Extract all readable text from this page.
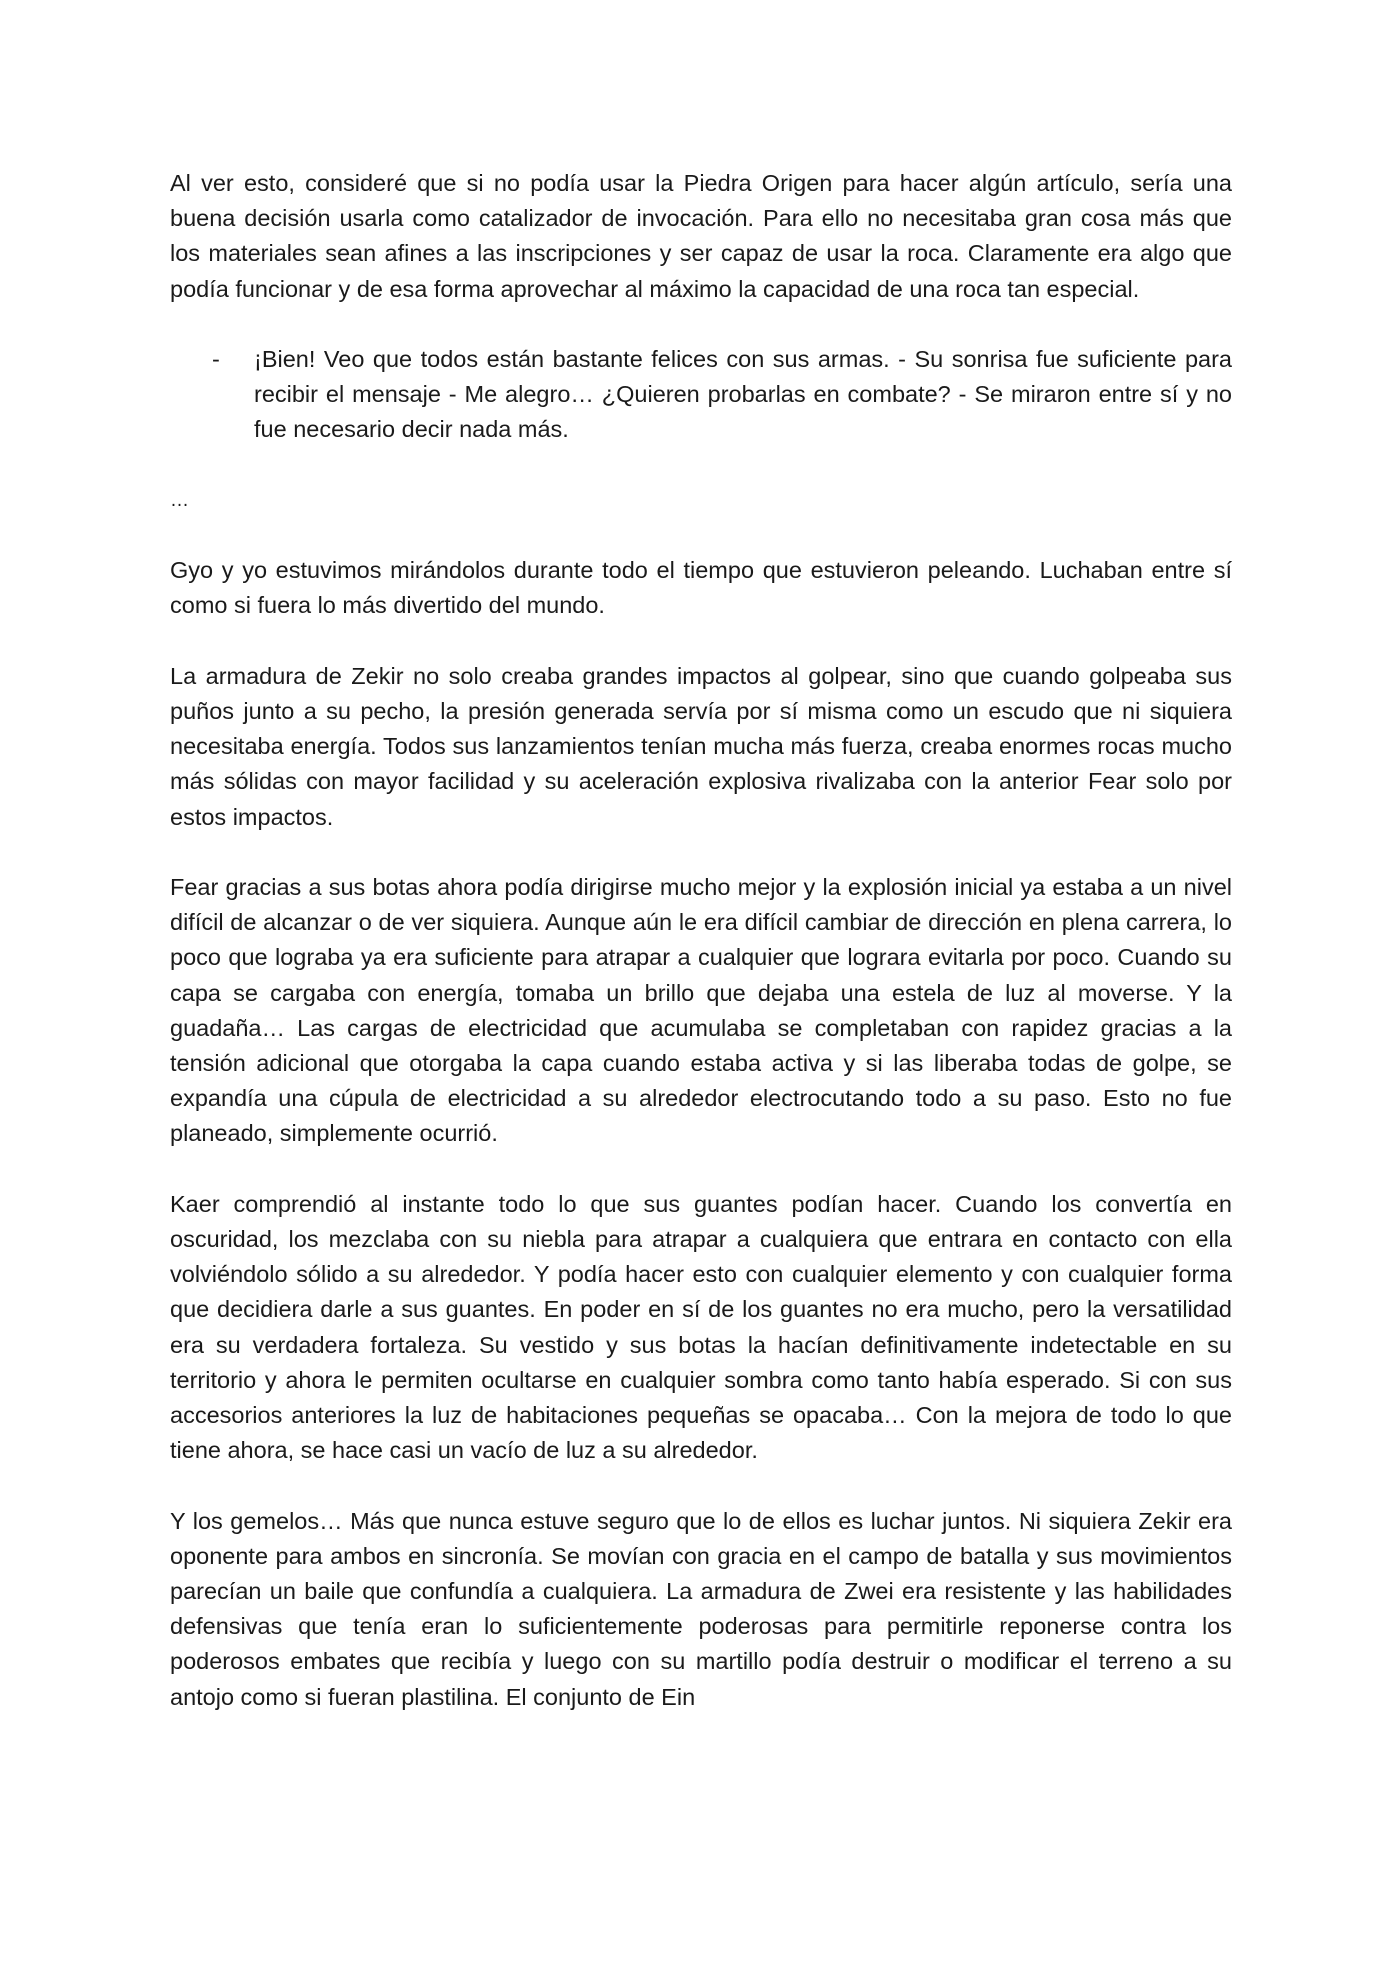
Al ver esto, consideré que si no podía usar la Piedra Origen para hacer algún artículo, sería una buena decisión usarla como catalizador de invocación. Para ello no necesitaba gran cosa más que los materiales sean afines a las inscripciones y ser capaz de usar la roca. Claramente era algo que podía funcionar y de esa forma aprovechar al máximo la capacidad de una roca tan especial.

- ¡Bien! Veo que todos están bastante felices con sus armas. - Su sonrisa fue suficiente para recibir el mensaje - Me alegro… ¿Quieren probarlas en combate? - Se miraron entre sí y no fue necesario decir nada más.

…

Gyo y yo estuvimos mirándolos durante todo el tiempo que estuvieron peleando. Luchaban entre sí como si fuera lo más divertido del mundo.

La armadura de Zekir no solo creaba grandes impactos al golpear, sino que cuando golpeaba sus puños junto a su pecho, la presión generada servía por sí misma como un escudo que ni siquiera necesitaba energía. Todos sus lanzamientos tenían mucha más fuerza, creaba enormes rocas mucho más sólidas con mayor facilidad y su aceleración explosiva rivalizaba con la anterior Fear solo por estos impactos.

Fear gracias a sus botas ahora podía dirigirse mucho mejor y la explosión inicial ya estaba a un nivel difícil de alcanzar o de ver siquiera. Aunque aún le era difícil cambiar de dirección en plena carrera, lo poco que lograba ya era suficiente para atrapar a cualquier que lograra evitarla por poco. Cuando su capa se cargaba con energía, tomaba un brillo que dejaba una estela de luz al moverse. Y la guadaña… Las cargas de electricidad que acumulaba se completaban con rapidez gracias a la tensión adicional que otorgaba la capa cuando estaba activa y si las liberaba todas de golpe, se expandía una cúpula de electricidad a su alrededor electrocutando todo a su paso. Esto no fue planeado, simplemente ocurrió.

Kaer comprendió al instante todo lo que sus guantes podían hacer. Cuando los convertía en oscuridad, los mezclaba con su niebla para atrapar a cualquiera que entrara en contacto con ella volviéndolo sólido a su alrededor. Y podía hacer esto con cualquier elemento y con cualquier forma que decidiera darle a sus guantes. En poder en sí de los guantes no era mucho, pero la versatilidad era su verdadera fortaleza. Su vestido y sus botas la hacían definitivamente indetectable en su territorio y ahora le permiten ocultarse en cualquier sombra como tanto había esperado. Si con sus accesorios anteriores la luz de habitaciones pequeñas se opacaba… Con la mejora de todo lo que tiene ahora, se hace casi un vacío de luz a su alrededor.

Y los gemelos… Más que nunca estuve seguro que lo de ellos es luchar juntos. Ni siquiera Zekir era oponente para ambos en sincronía. Se movían con gracia en el campo de batalla y sus movimientos parecían un baile que confundía a cualquiera. La armadura de Zwei era resistente y las habilidades defensivas que tenía eran lo suficientemente poderosas para permitirle reponerse contra los poderosos embates que recibía y luego con su martillo podía destruir o modificar el terreno a su antojo como si fueran plastilina. El conjunto de Ein
